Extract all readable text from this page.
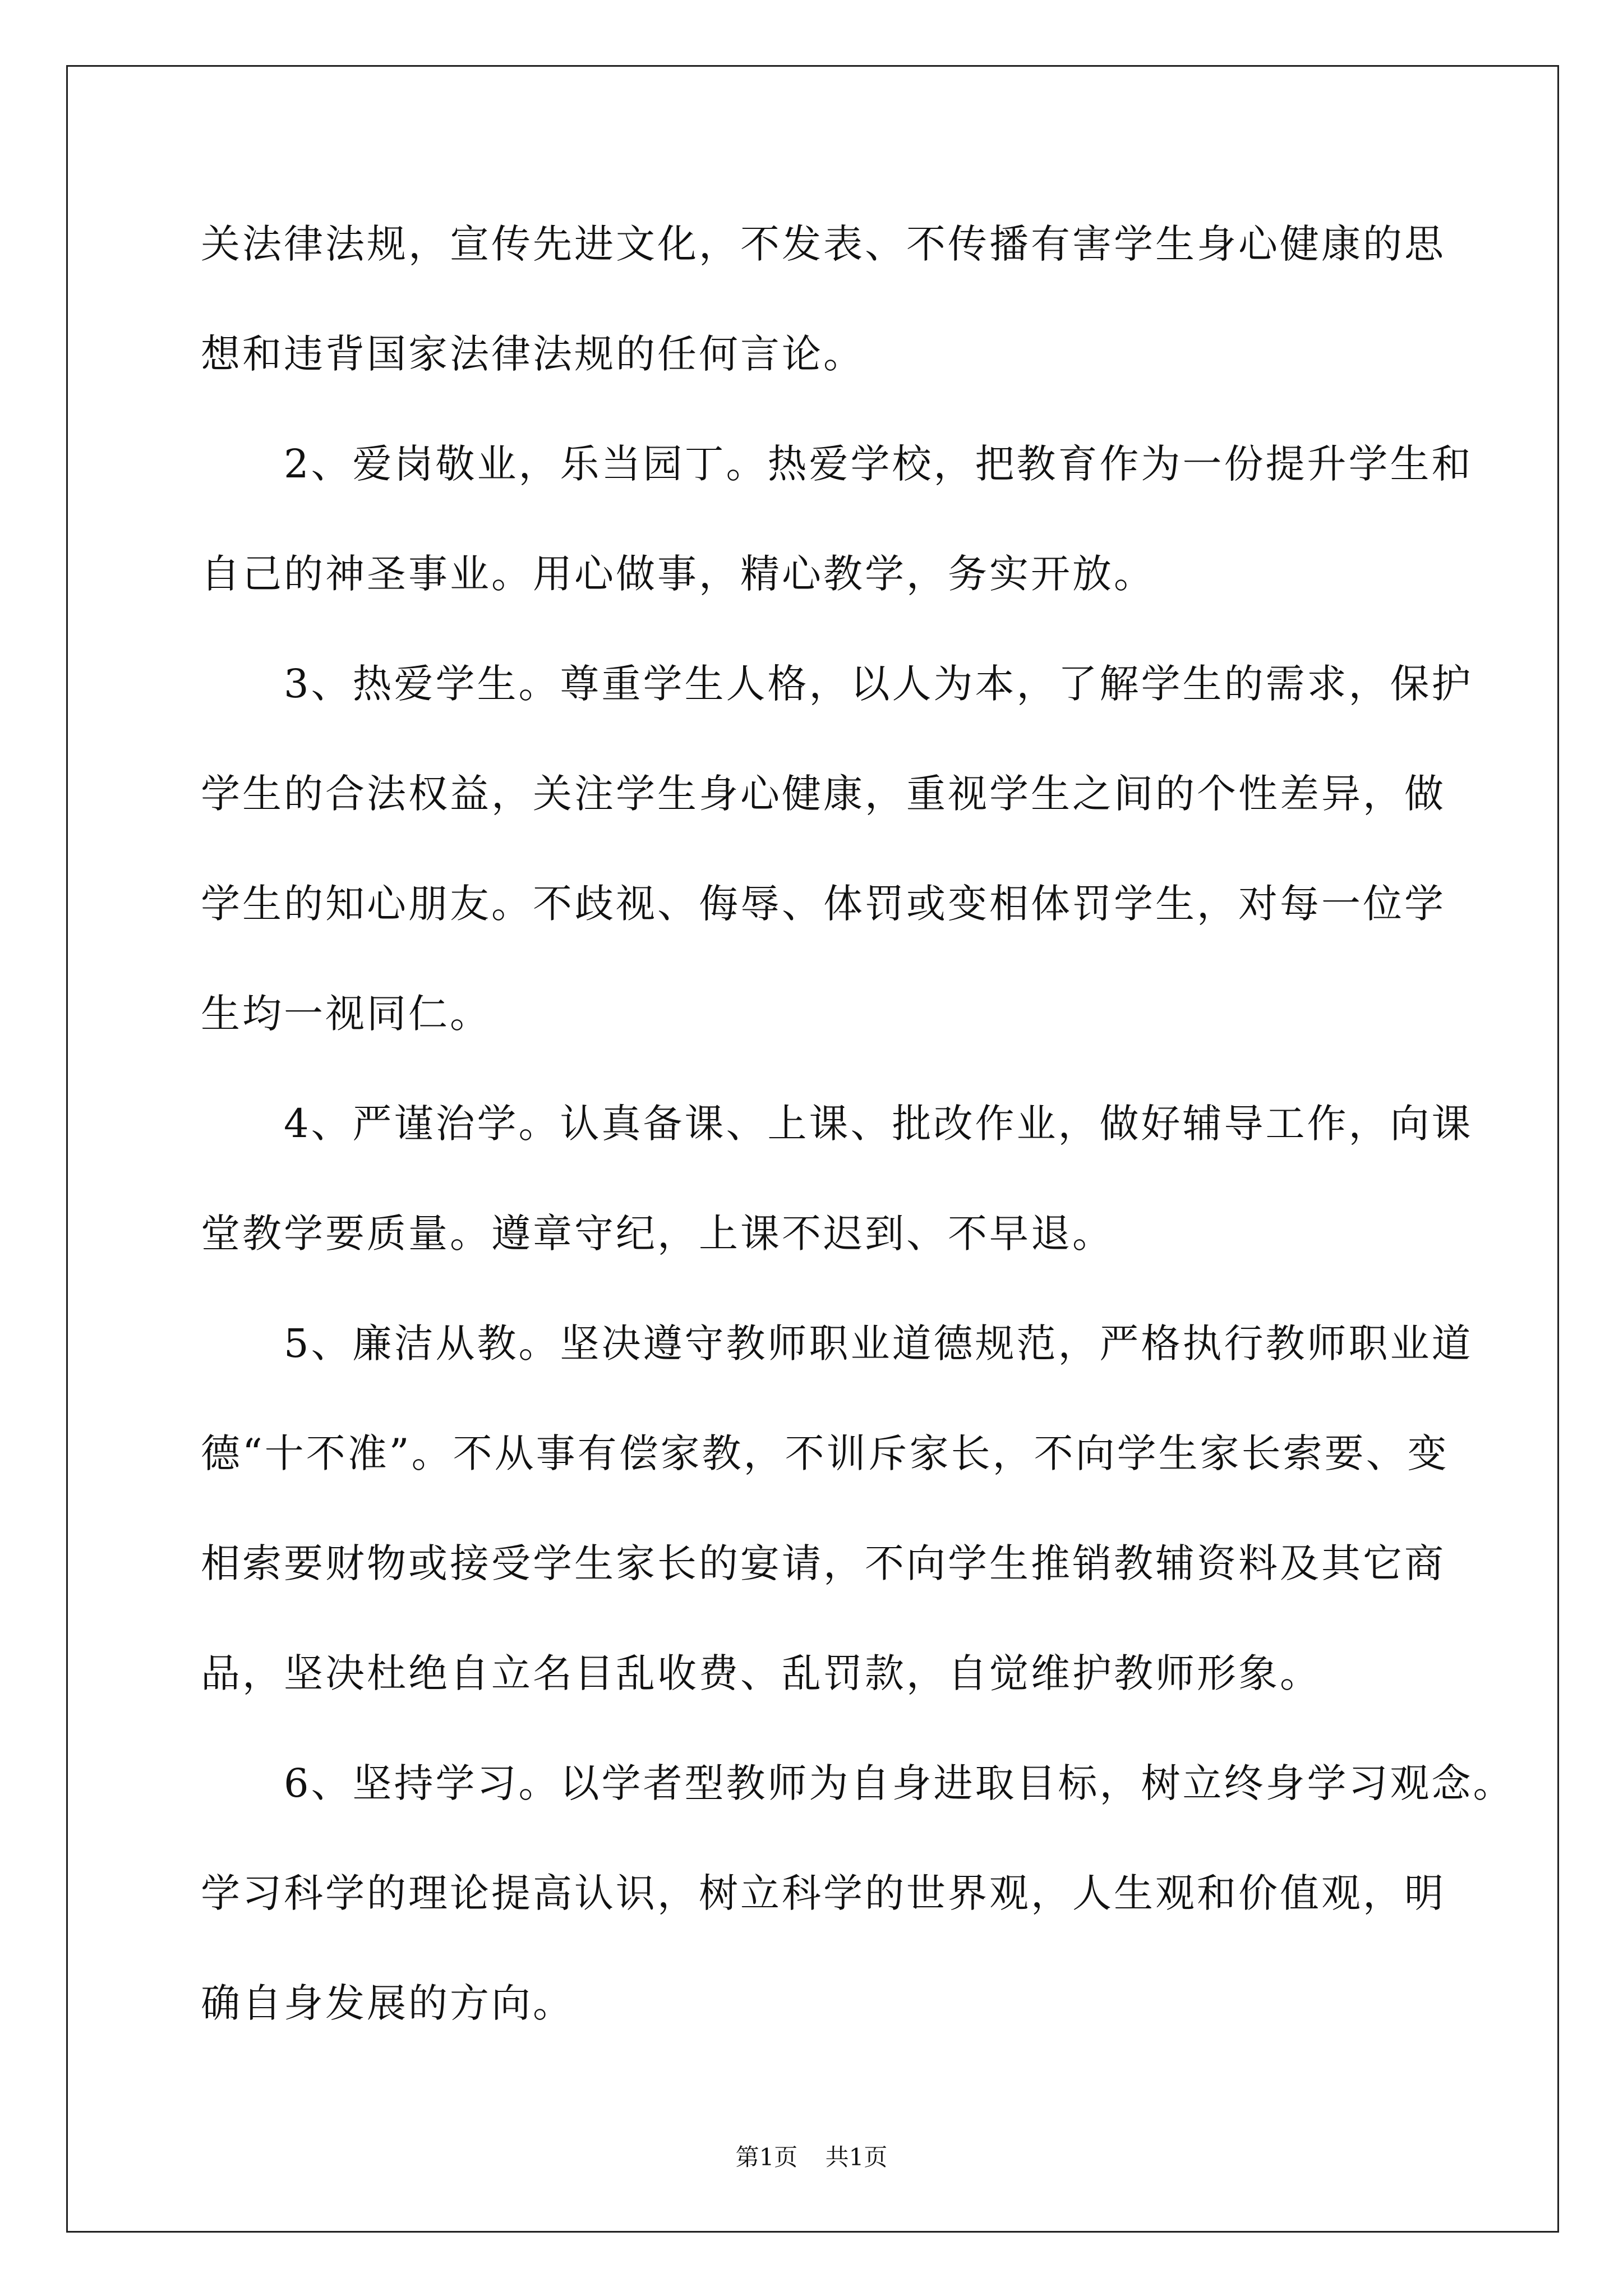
关法律法规，宣传先进文化，不发表、不传播有害学生身心健康的思
想和违背国家法律法规的任何言论。
　　2、爱岗敬业，乐当园丁。热爱学校，把教育作为一份提升学生和
自己的神圣事业。用心做事，精心教学，务实开放。
　　3、热爱学生。尊重学生人格，以人为本，了解学生的需求，保护
学生的合法权益，关注学生身心健康，重视学生之间的个性差异，做
学生的知心朋友。不歧视、侮辱、体罚或变相体罚学生，对每一位学
生均一视同仁。
　　4、严谨治学。认真备课、上课、批改作业，做好辅导工作，向课
堂教学要质量。遵章守纪，上课不迟到、不早退。
　　5、廉洁从教。坚决遵守教师职业道德规范，严格执行教师职业道
德“十不准”。不从事有偿家教，不训斥家长，不向学生家长索要、变
相索要财物或接受学生家长的宴请，不向学生推销教辅资料及其它商
品，坚决杜绝自立名目乱收费、乱罚款，自觉维护教师形象。
　　6、坚持学习。以学者型教师为自身进取目标，树立终身学习观念。
学习科学的理论提高认识，树立科学的世界观，人生观和价值观，明
确自身发展的方向。
第1页 共1页
